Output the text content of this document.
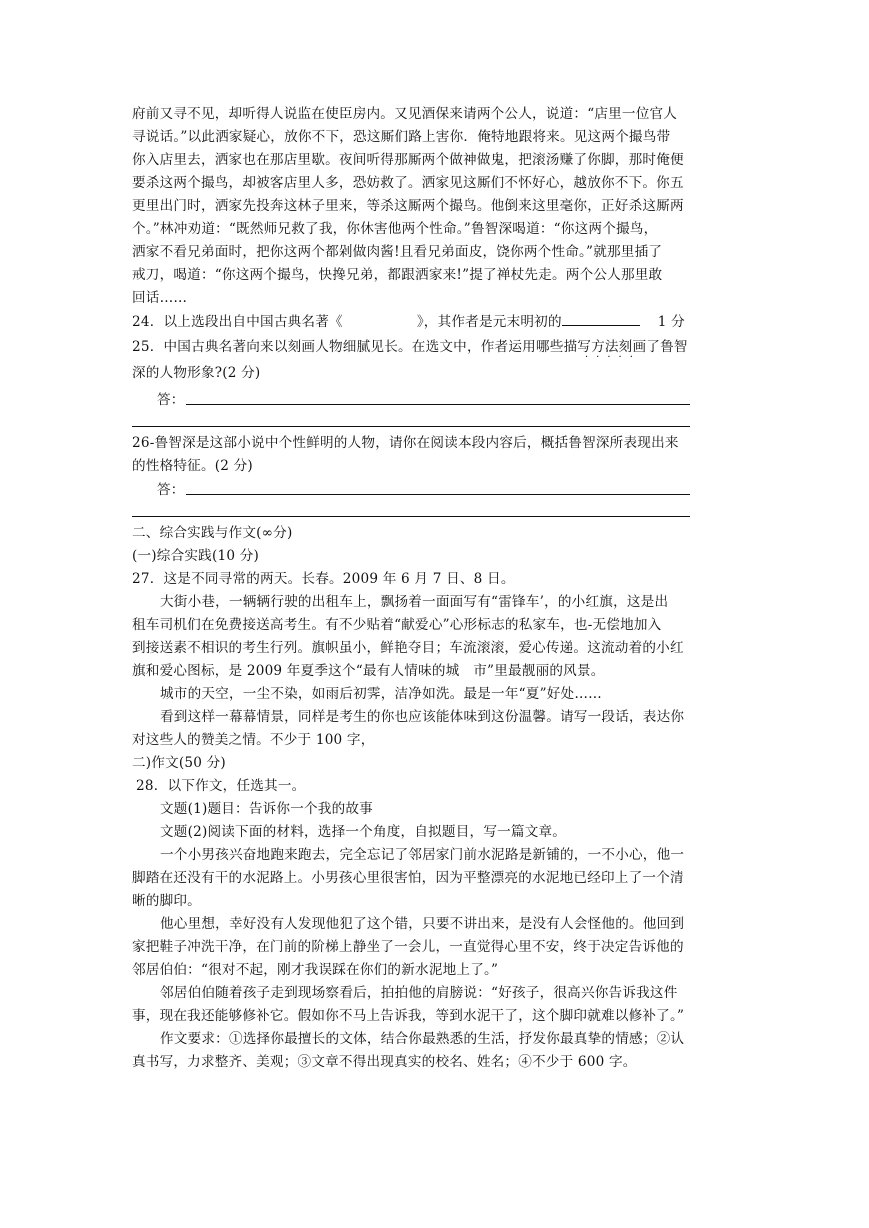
府前又寻不见，却听得人说监在使臣房内。又见酒保来请两个公人，说道：“店里一位官人
寻说话。”以此洒家疑心，放你不下，恐这厮们路上害你．俺特地跟将来。见这两个撮鸟带
你入店里去，洒家也在那店里歇。夜间听得那厮两个做神做鬼，把滚汤赚了你脚，那时俺便
要杀这两个撮鸟，却被客店里人多，恐妨救了。洒家见这厮们不怀好心，越放你不下。你五
更里出门时，洒家先投奔这林子里来，等杀这厮两个撮鸟。他倒来这里毫你，正好杀这厮两
个。”林冲劝道：“既然师兄救了我，你休害他两个性命。”鲁智深喝道：“你这两个撮鸟，
洒家不看兄弟面时，把你这两个都剁做肉酱!且看兄弟面皮，饶你两个性命。”就那里插了
戒刀，喝道：“你这两个撮鸟，快搀兄弟，都跟洒家来!”提了禅杖先走。两个公人那里敢
回话……
24．以上选段出自中国古典名著《	》，其作者是元末明初的	1 分
25．中国古典名著向来以刻画人物细腻见长。在选文中，作者运用哪些描写方法刻画了鲁智
·····
深的人物形象?(2 分)
答：
26-鲁智深是这部小说中个性鲜明的人物，请你在阅读本段内容后，概括鲁智深所表现出来
的性格特征。(2 分)
答：
二、综合实践与作文(∞分)
(一)综合实践(10 分)
27．这是不同寻常的两天。长春。2009 年 6 月 7 日、8 日。
大街小巷，一辆辆行驶的出租车上，飘扬着一面面写有“雷锋车’，的小红旗，这是出
租车司机们在免费接送高考生。有不少贴着“献爱心”心形标志的私家车，也-无偿地加入
到接送素不相识的考生行列。旗帜虽小，鲜艳夺目；车流滚滚，爱心传递。这流动着的小红
旗和爱心图标，是 2009 年夏季这个“最有人情味的城　市”里最靓丽的风景。
城市的天空，一尘不染，如雨后初霁，洁净如洗。最是一年“夏”好处……
看到这样一幕幕情景，同样是考生的你也应该能体味到这份温馨。请写一段话，表达你
对这些人的赞美之情。不少于 100 字，
二)作文(50 分)
28．以下作文，任选其一。
文题(1)题目：告诉你一个我的故事
文题(2)阅读下面的材料，选择一个角度，自拟题目，写一篇文章。
一个小男孩兴奋地跑来跑去，完全忘记了邻居家门前水泥路是新铺的，一不小心，他一
脚踏在还没有干的水泥路上。小男孩心里很害怕，因为平整漂亮的水泥地已经印上了一个清
晰的脚印。
他心里想，幸好没有人发现他犯了这个错，只要不讲出来，是没有人会怪他的。他回到
家把鞋子冲洗干净，在门前的阶梯上静坐了一会儿，一直觉得心里不安，终于决定告诉他的
邻居伯伯：“很对不起，刚才我误踩在你们的新水泥地上了。”
邻居伯伯随着孩子走到现场察看后，拍拍他的肩膀说：“好孩子，很高兴你告诉我这件
事，现在我还能够修补它。假如你不马上告诉我，等到水泥干了，这个脚印就难以修补了。”
作文要求：①选择你最擅长的文体，结合你最熟悉的生活，抒发你最真挚的情感；②认
真书写，力求整齐、美观；③文章不得出现真实的校名、姓名；④不少于 600 字。
